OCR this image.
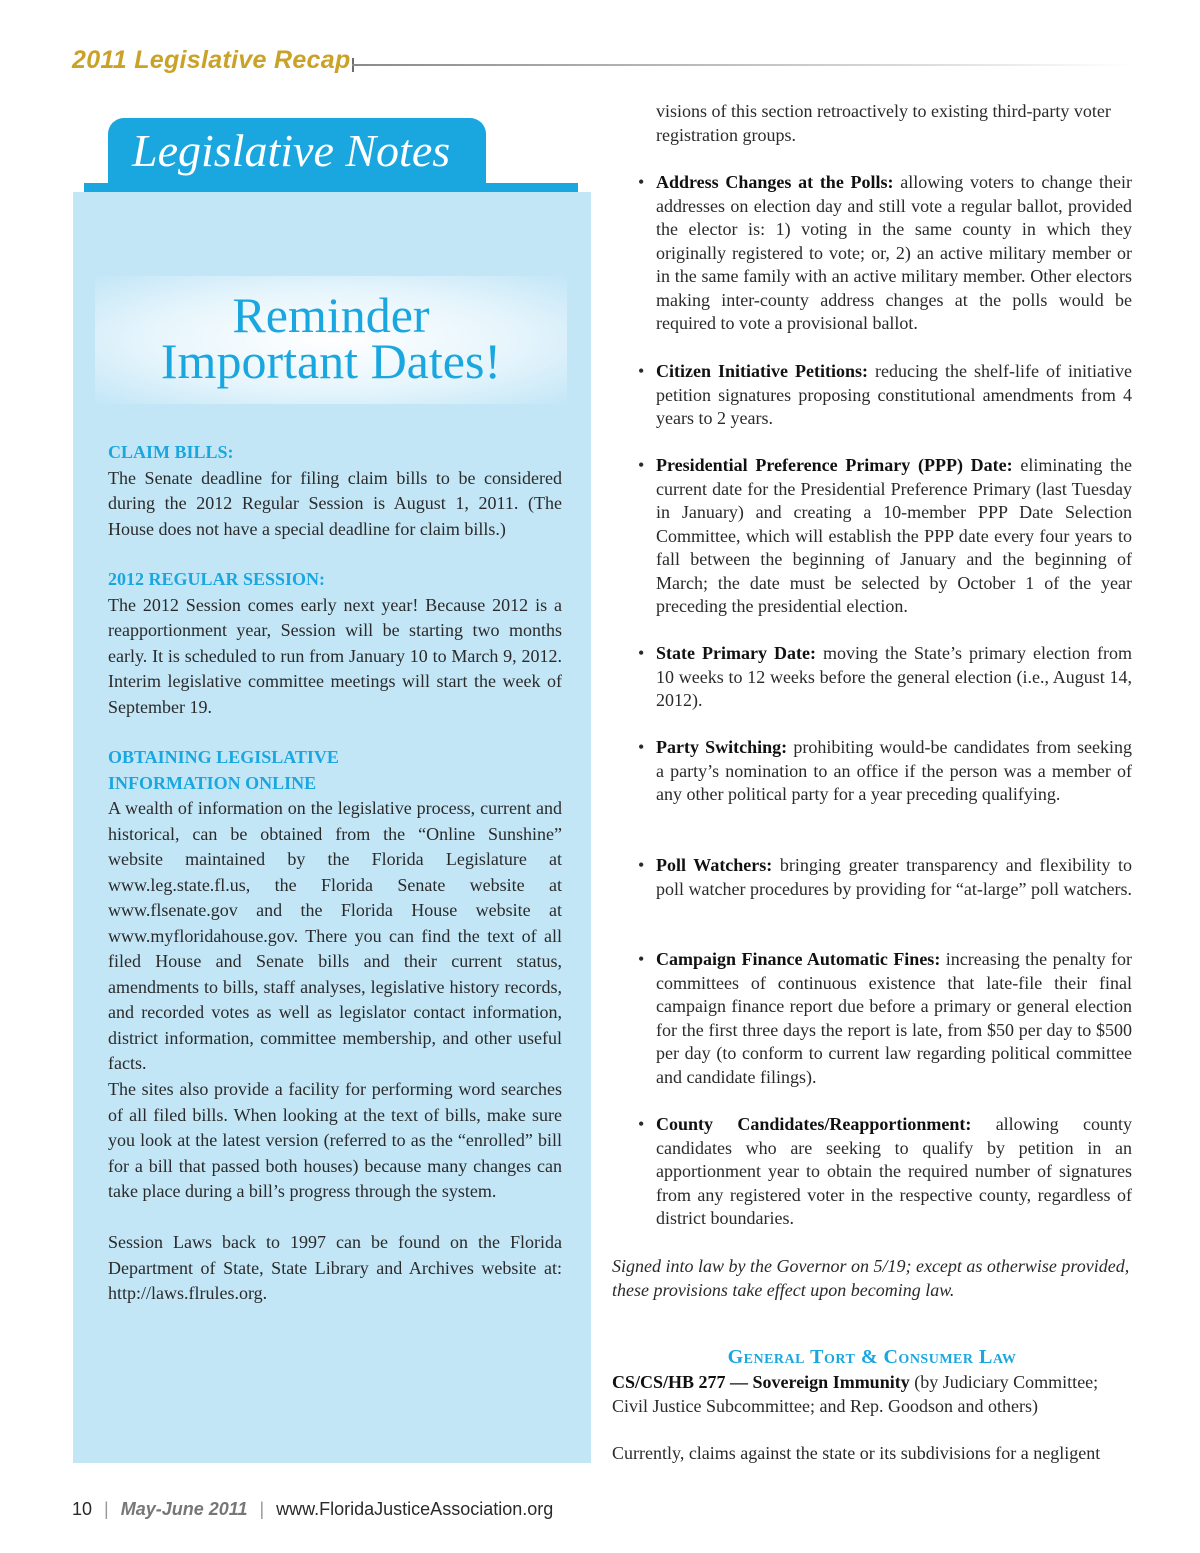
2011 Legislative Recap
Legislative Notes
Reminder
Important Dates!
CLAIM BILLS:
The Senate deadline for filing claim bills to be considered during the 2012 Regular Session is August 1, 2011. (The House does not have a special deadline for claim bills.)
2012 REGULAR SESSION:
The 2012 Session comes early next year! Because 2012 is a reapportionment year, Session will be starting two months early. It is scheduled to run from January 10 to March 9, 2012. Interim legislative committee meetings will start the week of September 19.
OBTAINING LEGISLATIVE
INFORMATION ONLINE
A wealth of information on the legislative process, current and historical, can be obtained from the “Online Sunshine” website maintained by the Florida Legislature at www.leg.state.fl.us, the Florida Senate website at www.flsenate.gov and the Florida House website at www.myfloridahouse.gov. There you can find the text of all filed House and Senate bills and their current status, amendments to bills, staff analyses, legislative history records, and recorded votes as well as legislator contact information, district information, committee membership, and other useful facts.
The sites also provide a facility for performing word searches of all filed bills. When looking at the text of bills, make sure you look at the latest version (referred to as the “enrolled” bill for a bill that passed both houses) because many changes can take place during a bill’s progress through the system.
Session Laws back to 1997 can be found on the Florida Department of State, State Library and Archives website at: http://laws.flrules.org.
visions of this section retroactively to existing third-party voter registration groups.
• Address Changes at the Polls: allowing voters to change their addresses on election day and still vote a regular ballot, provided the elector is: 1) voting in the same county in which they originally registered to vote; or, 2) an active military member or in the same family with an active military member. Other electors making inter-county address changes at the polls would be required to vote a provisional ballot.
• Citizen Initiative Petitions: reducing the shelf-life of initiative petition signatures proposing constitutional amendments from 4 years to 2 years.
• Presidential Preference Primary (PPP) Date: eliminating the current date for the Presidential Preference Primary (last Tuesday in January) and creating a 10-member PPP Date Selection Committee, which will establish the PPP date every four years to fall between the beginning of January and the beginning of March; the date must be selected by October 1 of the year preceding the presidential election.
• State Primary Date: moving the State’s primary election from 10 weeks to 12 weeks before the general election (i.e., August 14, 2012).
• Party Switching: prohibiting would-be candidates from seeking a party’s nomination to an office if the person was a member of any other political party for a year preceding qualifying.
• Poll Watchers: bringing greater transparency and flexibility to poll watcher procedures by providing for “at-large” poll watchers.
• Campaign Finance Automatic Fines: increasing the penalty for committees of continuous existence that late-file their final campaign finance report due before a primary or general election for the first three days the report is late, from $50 per day to $500 per day (to conform to current law regarding political committee and candidate filings).
• County Candidates/Reapportionment: allowing county candidates who are seeking to qualify by petition in an apportionment year to obtain the required number of signatures from any registered voter in the respective county, regardless of district boundaries.
Signed into law by the Governor on 5/19; except as otherwise provided, these provisions take effect upon becoming law.
General Tort & Consumer Law
CS/CS/HB 277 — Sovereign Immunity (by Judiciary Committee; Civil Justice Subcommittee; and Rep. Goodson and others)
Currently, claims against the state or its subdivisions for a negligent
10 | May-June 2011 | www.FloridaJusticeAssociation.org
